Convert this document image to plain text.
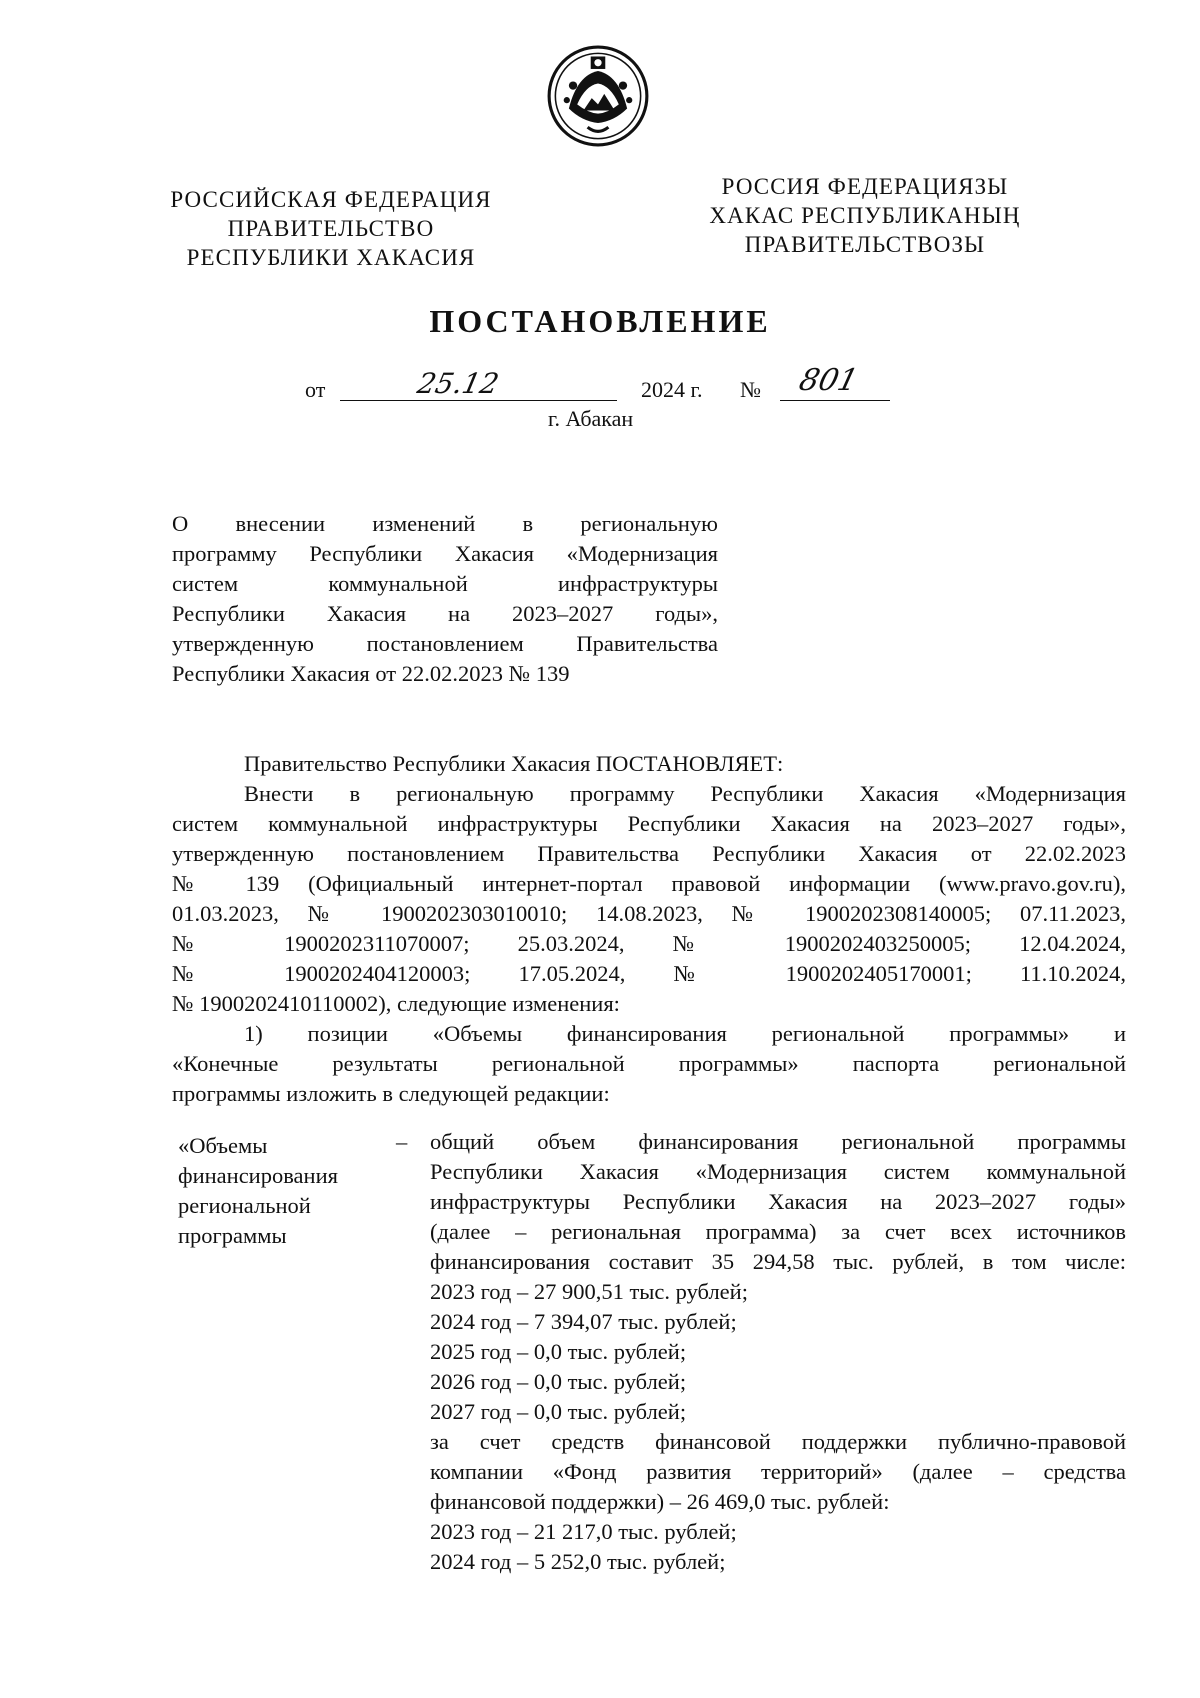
РОССИЙСКАЯ ФЕДЕРАЦИЯ
ПРАВИТЕЛЬСТВО
РЕСПУБЛИКИ ХАКАСИЯ
РОССИЯ ФЕДЕРАЦИЯЗЫ
ХАКАС РЕСПУБЛИКАНЫҢ
ПРАВИТЕЛЬСТВОЗЫ
ПОСТАНОВЛЕНИЕ
от	25.12	2024 г. № 801
г. Абакан
О внесении изменений в региональную
программу Республики Хакасия «Модернизация
систем коммунальной инфраструктуры
Республики Хакасия на 2023–2027 годы»,
утвержденную постановлением Правительства
Республики Хакасия от 22.02.2023 № 139
Правительство Республики Хакасия ПОСТАНОВЛЯЕТ:
Внести в региональную программу Республики Хакасия «Модернизация
систем коммунальной инфраструктуры Республики Хакасия на 2023–2027 годы»,
утвержденную постановлением Правительства Республики Хакасия от 22.02.2023
№ 139 (Официальный интернет-портал правовой информации (www.pravo.gov.ru),
01.03.2023, № 1900202303010010; 14.08.2023, № 1900202308140005; 07.11.2023,
№ 1900202311070007; 25.03.2024, № 1900202403250005; 12.04.2024,
№ 1900202404120003; 17.05.2024, № 1900202405170001; 11.10.2024,
№ 1900202410110002), следующие изменения:
1) позиции «Объемы финансирования региональной программы» и
«Конечные результаты региональной программы» паспорта региональной
программы изложить в следующей редакции:
«Объемы
финансирования
региональной
программы
– общий объем финансирования региональной программы
Республики Хакасия «Модернизация систем коммунальной
инфраструктуры Республики Хакасия на 2023–2027 годы»
(далее – региональная программа) за счет всех источников
финансирования составит 35 294,58 тыс. рублей, в том числе:
2023 год – 27 900,51 тыс. рублей;
2024 год – 7 394,07 тыс. рублей;
2025 год – 0,0 тыс. рублей;
2026 год – 0,0 тыс. рублей;
2027 год – 0,0 тыс. рублей;
за счет средств финансовой поддержки публично-правовой
компании «Фонд развития территорий» (далее – средства
финансовой поддержки) – 26 469,0 тыс. рублей:
2023 год – 21 217,0 тыс. рублей;
2024 год – 5 252,0 тыс. рублей;
